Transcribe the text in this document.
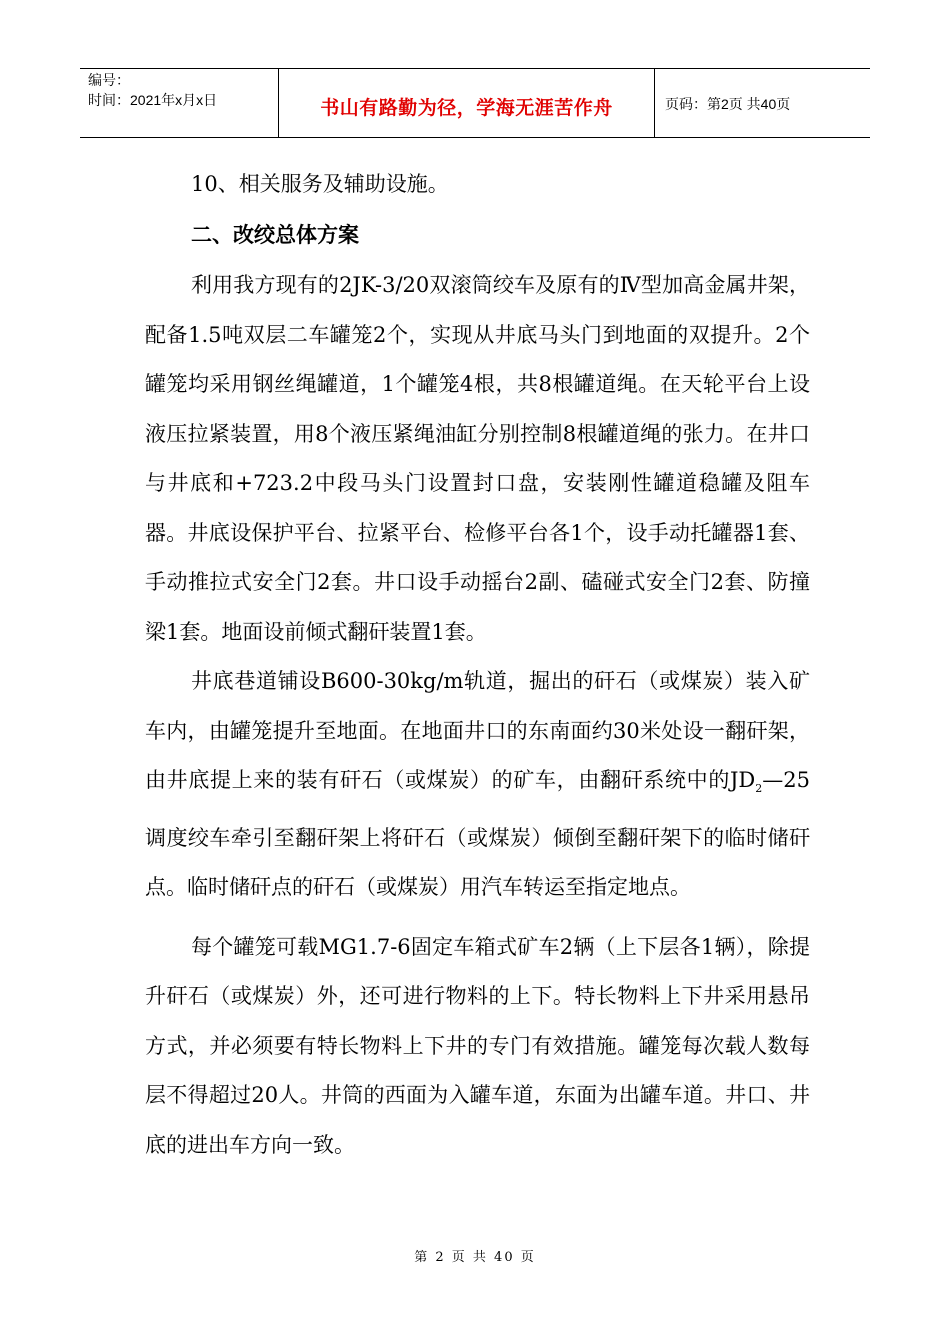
编号：
时间：2021年x月x日	书山有路勤为径，学海无涯苦作舟	页码：第2页 共40页

10、相关服务及辅助设施。

二、改绞总体方案

利用我方现有的2JK-3/20双滚筒绞车及原有的Ⅳ型加高金属井架，配备1.5吨双层二车罐笼2个，实现从井底马头门到地面的双提升。2个罐笼均采用钢丝绳罐道，1个罐笼4根，共8根罐道绳。在天轮平台上设液压拉紧装置，用8个液压紧绳油缸分别控制8根罐道绳的张力。在井口与井底和+723.2中段马头门设置封口盘，安装刚性罐道稳罐及阻车器。井底设保护平台、拉紧平台、检修平台各1个，设手动托罐器1套、手动推拉式安全门2套。井口设手动摇台2副、磕碰式安全门2套、防撞梁1套。地面设前倾式翻矸装置1套。

井底巷道铺设B600-30kg/m轨道，掘出的矸石（或煤炭）装入矿车内，由罐笼提升至地面。在地面井口的东南面约30米处设一翻矸架，由井底提上来的装有矸石（或煤炭）的矿车，由翻矸系统中的$JD_2—25$调度绞车牵引至翻矸架上将矸石（或煤炭）倾倒至翻矸架下的临时储矸点。临时储矸点的矸石（或煤炭）用汽车转运至指定地点。

每个罐笼可载MG1.7-6固定车箱式矿车2辆（上下层各1辆），除提升矸石（或煤炭）外，还可进行物料的上下。特长物料上下井采用悬吊方式，并必须要有特长物料上下井的专门有效措施。罐笼每次载人数每层不得超过20人。井筒的西面为入罐车道，东面为出罐车道。井口、井底的进出车方向一致。

第 2 页 共 40 页
